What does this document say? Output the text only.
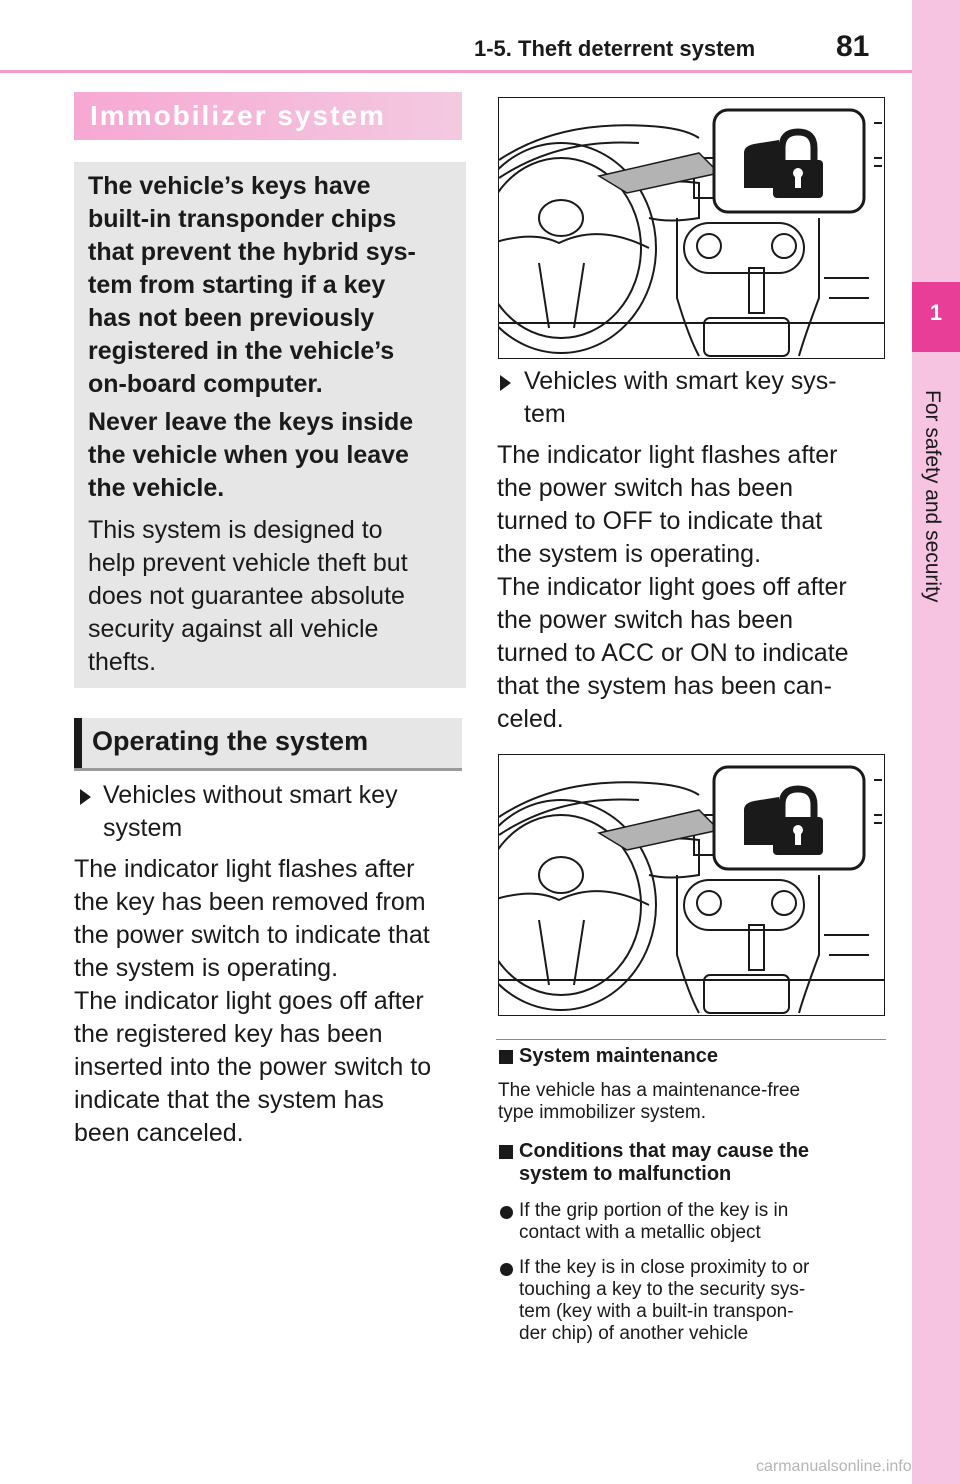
1-5. Theft deterrent system	81
1
For safety and security
Immobilizer system
The vehicle’s keys have
built-in transponder chips
that prevent the hybrid sys-
tem from starting if a key
has not been previously
registered in the vehicle’s
on-board computer.
Never leave the keys inside
the vehicle when you leave
the vehicle.
This system is designed to
help prevent vehicle theft but
does not guarantee absolute
security against all vehicle
thefts.
Operating the system
Vehicles without smart key
system
The indicator light flashes after
the key has been removed from
the power switch to indicate that
the system is operating.
The indicator light goes off after
the registered key has been
inserted into the power switch to
indicate that the system has
been canceled.
Vehicles with smart key sys-
tem
The indicator light flashes after
the power switch has been
turned to OFF to indicate that
the system is operating.
The indicator light goes off after
the power switch has been
turned to ACC or ON to indicate
that the system has been can-
celed.
System maintenance
The vehicle has a maintenance-free
type immobilizer system.
Conditions that may cause the
system to malfunction
If the grip portion of the key is in
contact with a metallic object
If the key is in close proximity to or
touching a key to the security sys-
tem (key with a built-in transpon-
der chip) of another vehicle
carmanualsonline.info
